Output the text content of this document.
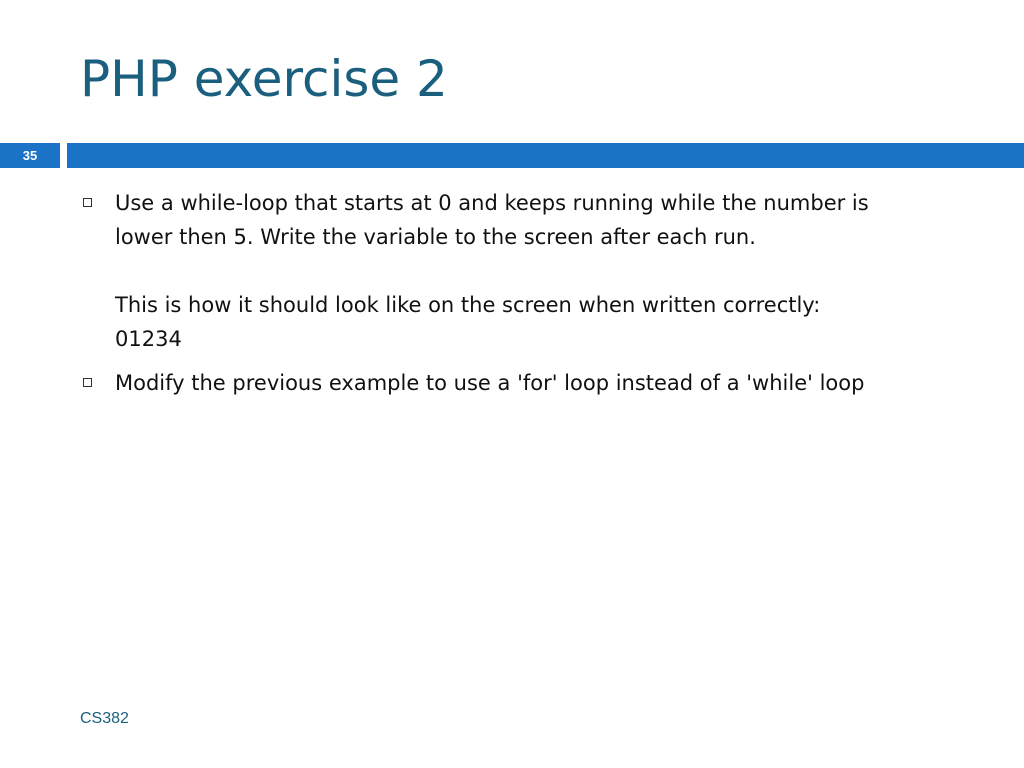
PHP exercise 2
35
Use a while-loop that starts at 0 and keeps running while the number is
lower then 5. Write the variable to the screen after each run.
This is how it should look like on the screen when written correctly:
01234
Modify the previous example to use a 'for' loop instead of a 'while' loop
CS382
